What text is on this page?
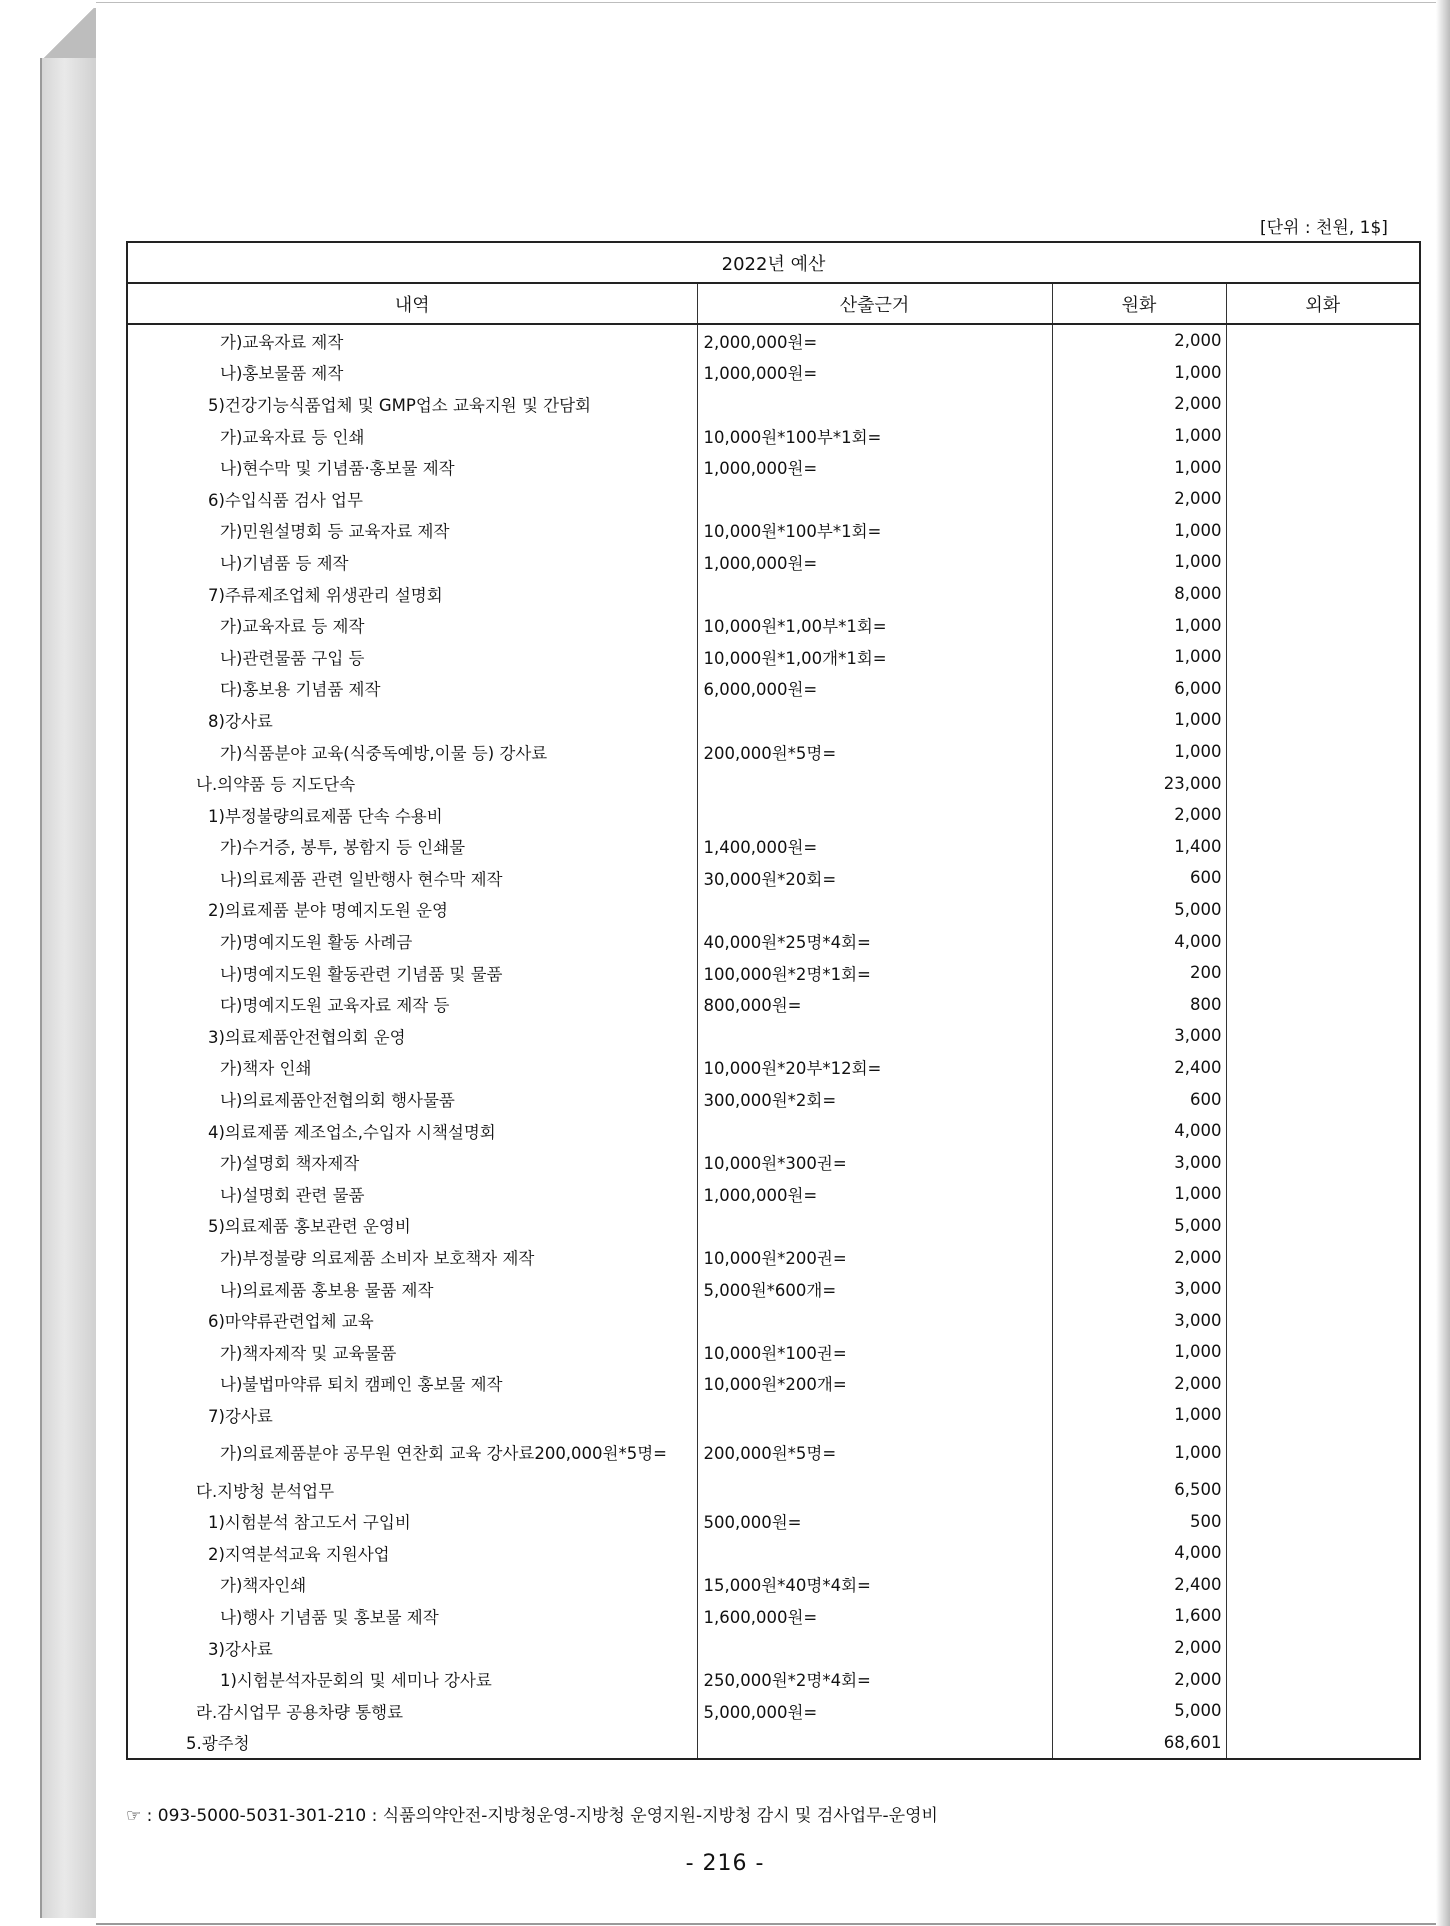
[단위 : 천원, 1$]
2022년 예산			
내역	산출근거	원화	외화
가)교육자료 제작	2,000,000원=	2,000	
나)홍보물품 제작	1,000,000원=	1,000	
5)건강기능식품업체 및 GMP업소 교육지원 및 간담회		2,000	
가)교육자료 등 인쇄	10,000원*100부*1회=	1,000	
나)현수막 및 기념품·홍보물 제작	1,000,000원=	1,000	
6)수입식품 검사 업무		2,000	
가)민원설명회 등 교육자료 제작	10,000원*100부*1회=	1,000	
나)기념품 등 제작	1,000,000원=	1,000	
7)주류제조업체 위생관리 설명회		8,000	
가)교육자료 등 제작	10,000원*1,00부*1회=	1,000	
나)관련물품 구입 등	10,000원*1,00개*1회=	1,000	
다)홍보용 기념품 제작	6,000,000원=	6,000	
8)강사료		1,000	
가)식품분야 교육(식중독예방,이물 등) 강사료	200,000원*5명=	1,000	
나.의약품 등 지도단속		23,000	
1)부정불량의료제품 단속 수용비		2,000	
가)수거증, 봉투, 봉함지 등 인쇄물	1,400,000원=	1,400	
나)의료제품 관련 일반행사 현수막 제작	30,000원*20회=	600	
2)의료제품 분야 명예지도원 운영		5,000	
가)명예지도원 활동 사례금	40,000원*25명*4회=	4,000	
나)명예지도원 활동관련 기념품 및 물품	100,000원*2명*1회=	200	
다)명예지도원 교육자료 제작 등	800,000원=	800	
3)의료제품안전협의회 운영		3,000	
가)책자 인쇄	10,000원*20부*12회=	2,400	
나)의료제품안전협의회 행사물품	300,000원*2회=	600	
4)의료제품 제조업소,수입자 시책설명회		4,000	
가)설명회 책자제작	10,000원*300권=	3,000	
나)설명회 관련 물품	1,000,000원=	1,000	
5)의료제품 홍보관련 운영비		5,000	
가)부정불량 의료제품 소비자 보호책자 제작	10,000원*200권=	2,000	
나)의료제품 홍보용 물품 제작	5,000원*600개=	3,000	
6)마약류관련업체 교육		3,000	
가)책자제작 및 교육물품	10,000원*100권=	1,000	
나)불법마약류 퇴치 캠페인 홍보물 제작	10,000원*200개=	2,000	
7)강사료		1,000	
가)의료제품분야 공무원 연찬회 교육 강사료200,000원*5명=	200,000원*5명=	1,000	
다.지방청 분석업무		6,500	
1)시험분석 참고도서 구입비	500,000원=	500	
2)지역분석교육 지원사업		4,000	
가)책자인쇄	15,000원*40명*4회=	2,400	
나)행사 기념품 및 홍보물 제작	1,600,000원=	1,600	
3)강사료		2,000	
1)시험분석자문회의 및 세미나 강사료	250,000원*2명*4회=	2,000	
라.감시업무 공용차량 통행료	5,000,000원=	5,000	
5.광주청		68,601	
☞ : 093-5000-5031-301-210 : 식품의약안전-지방청운영-지방청 운영지원-지방청 감시 및 검사업무-운영비
- 216 -
